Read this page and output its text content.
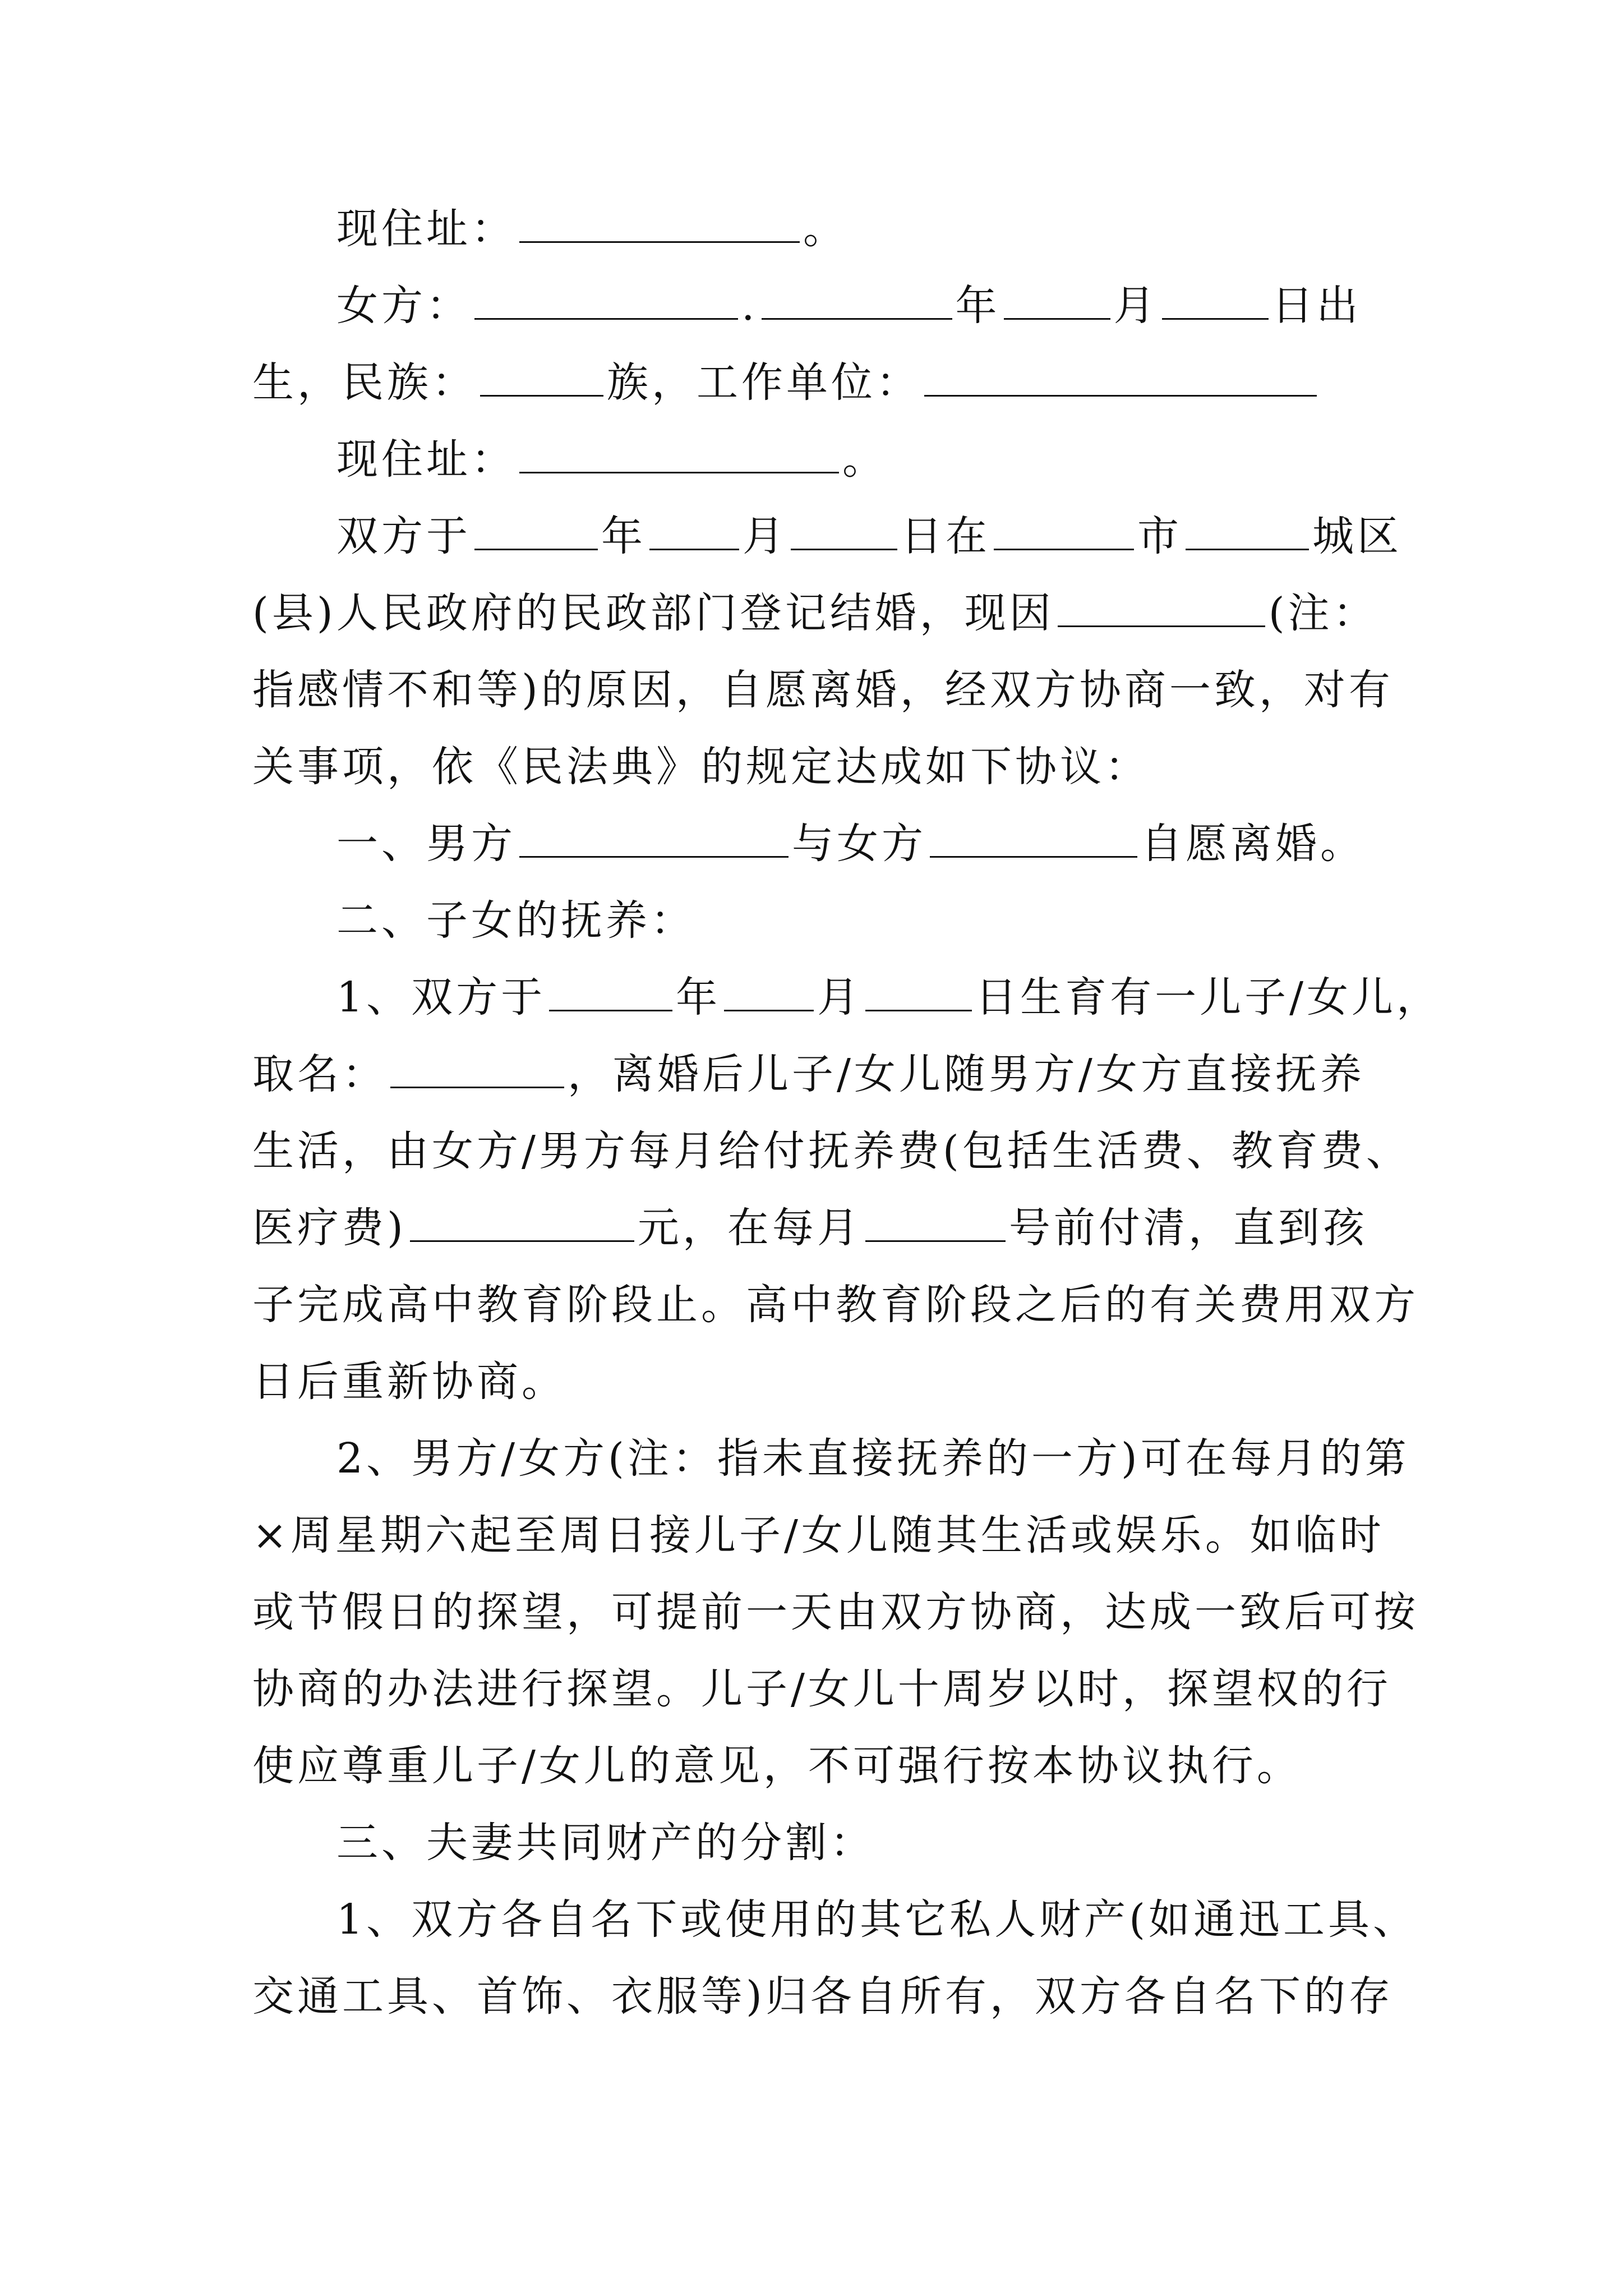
现住址：	。
女方：	.	年	月	日出
生，民族：	族，工作单位：
现住址：	。
双方于	年 月	日在	市	城区
(县)人民政府的民政部门登记结婚，现因	(注：
指感情不和等)的原因，自愿离婚，经双方协商一致，对有
关事项，依《民法典》的规定达成如下协议：
一、男方	与女方	自愿离婚。
二、子女的抚养：
1、双方于	年 月	日生育有一儿子/女儿，
取名：	，离婚后儿子/女儿随男方/女方直接抚养
生活，由女方/男方每月给付抚养费(包括生活费、教育费、
医疗费)	元，在每月	号前付清，直到孩
子完成高中教育阶段止。高中教育阶段之后的有关费用双方
日后重新协商。
2、男方/女方(注：指未直接抚养的一方)可在每月的第
×周星期六起至周日接儿子/女儿随其生活或娱乐。如临时
或节假日的探望，可提前一天由双方协商，达成一致后可按
协商的办法进行探望。儿子/女儿十周岁以时，探望权的行
使应尊重儿子/女儿的意见，不可强行按本协议执行。
三、夫妻共同财产的分割：
1、双方各自名下或使用的其它私人财产(如通迅工具、
交通工具、首饰、衣服等)归各自所有，双方各自名下的存
